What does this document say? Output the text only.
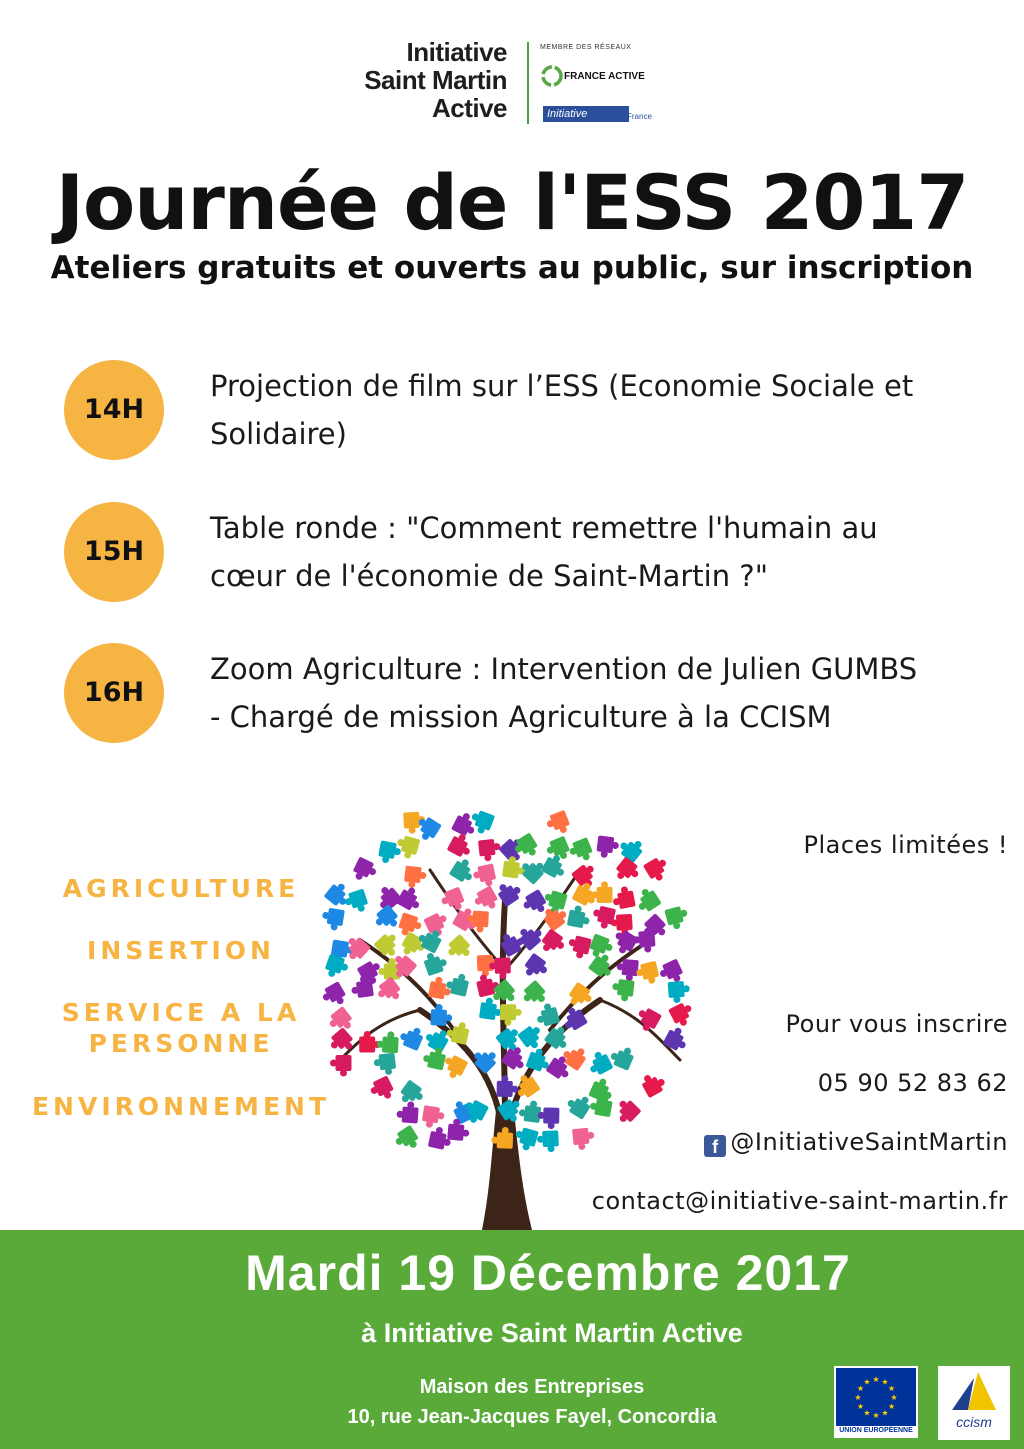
Initiative
Saint Martin
Active
MEMBRE DES RÉSEAUX
FRANCE ACTIVE
Initiative	France
Journée de l'ESS 2017
Ateliers gratuits et ouverts au public, sur inscription
14H
Projection de film sur l’ESS (Economie Sociale et
Solidaire)
15H
Table ronde : "Comment remettre l'humain au
cœur de l'économie de Saint-Martin ?"
16H
Zoom Agriculture : Intervention de Julien GUMBS
- Chargé de mission Agriculture à la CCISM
AGRICULTURE
INSERTION
SERVICE A LA
PERSONNE
ENVIRONNEMENT
Places limitées !
Pour vous inscrire
05 90 52 83 62
f @InitiativeSaintMartin
contact@initiative-saint-martin.fr
Mardi 19 Décembre 2017
à Initiative Saint Martin Active
Maison des Entreprises
10, rue Jean-Jacques Fayel, Concordia
★
★
★
★
★
★
★
★
★ ★ ★
★
UNION EUROPÉENNE
ccism
